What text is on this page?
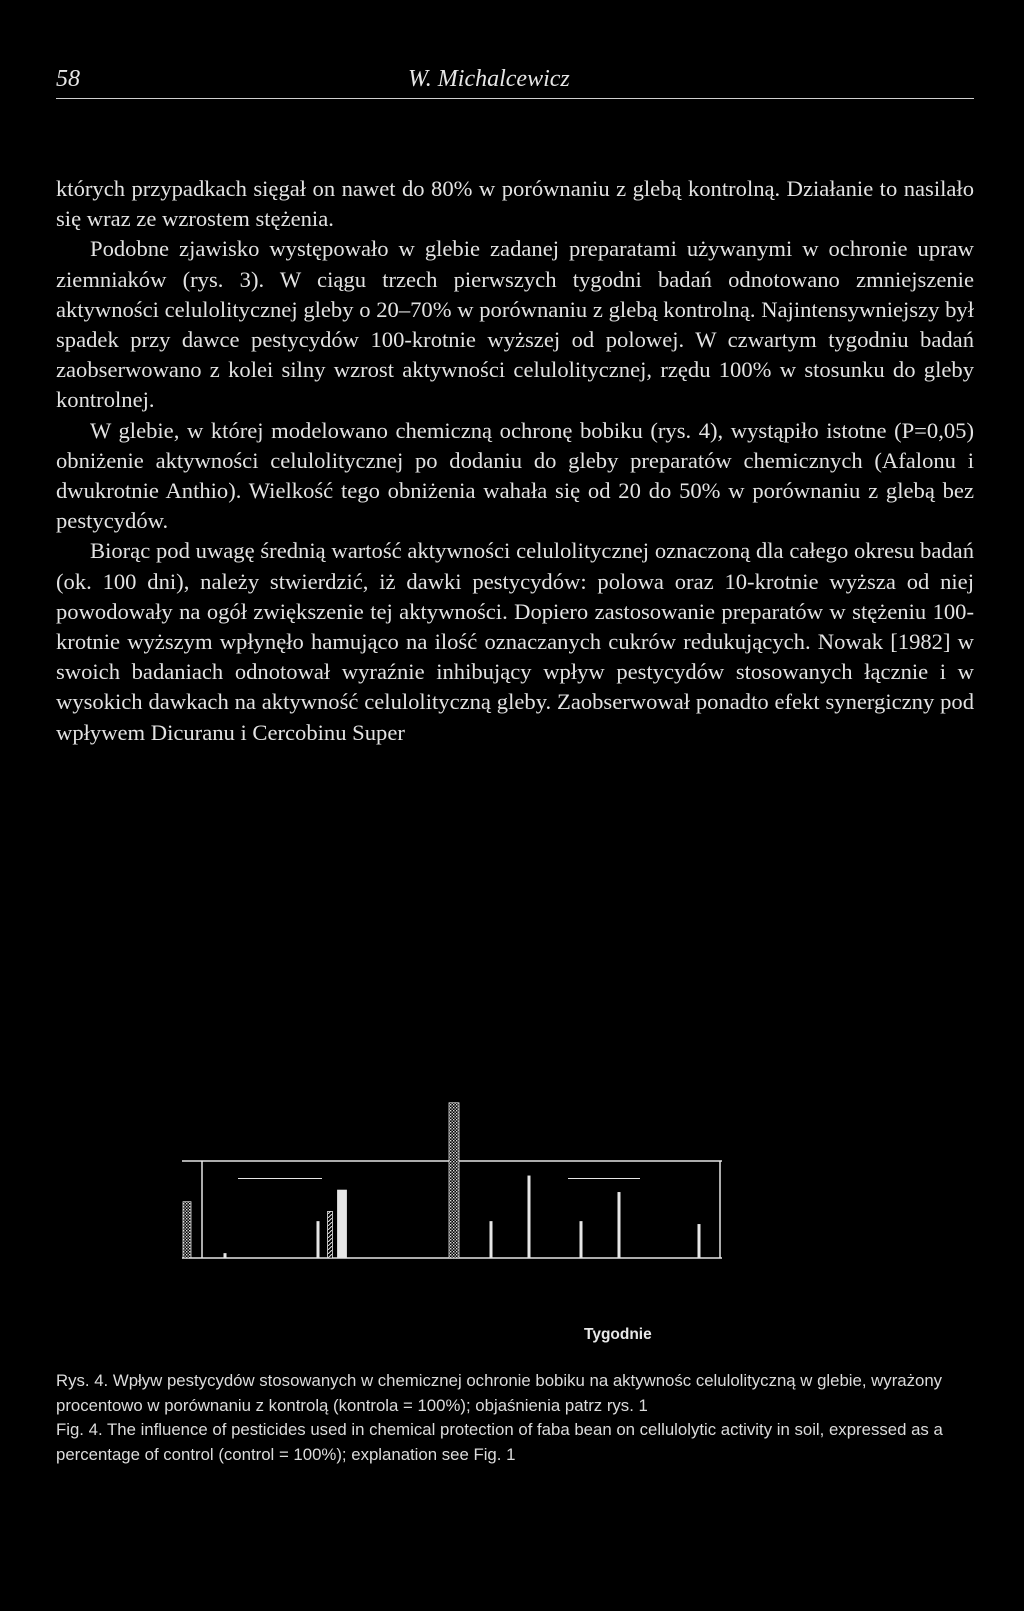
58	W. Michalcewicz

których przypadkach sięgał on nawet do 80% w porównaniu z glebą kontrolną. Działanie to nasilało się wraz ze wzrostem stężenia.

Podobne zjawisko występowało w glebie zadanej preparatami używanymi w ochronie upraw ziemniaków (rys. 3). W ciągu trzech pierwszych tygodni badań odnotowano zmniejszenie aktywności celulolitycznej gleby o 20–70% w porównaniu z glebą kontrolną. Najintensywniejszy był spadek przy dawce pestycydów 100-krotnie wyższej od polowej. W czwartym tygodniu badań zaobserwowano z kolei silny wzrost aktywności celulolitycznej, rzędu 100% w stosunku do gleby kontrolnej.

W glebie, w której modelowano chemiczną ochronę bobiku (rys. 4), wystąpiło istotne (P=0,05) obniżenie aktywności celulolitycznej po dodaniu do gleby preparatów chemicznych (Afalonu i dwukrotnie Anthio). Wielkość tego obniżenia wahała się od 20 do 50% w porównaniu z glebą bez pestycydów.

Biorąc pod uwagę średnią wartość aktywności celulolitycznej oznaczoną dla całego okresu badań (ok. 100 dni), należy stwierdzić, iż dawki pestycydów: polowa oraz 10-krotnie wyższa od niej powodowały na ogół zwiększenie tej aktywności. Dopiero zastosowanie preparatów w stężeniu 100-krotnie wyższym wpłynęło hamująco na ilość oznaczanych cukrów redukujących. Nowak [1982] w swoich badaniach odnotował wyraźnie inhibujący wpływ pestycydów stosowanych łącznie i w wysokich dawkach na aktywność celulolityczną gleby. Zaobserwował ponadto efekt synergiczny pod wpływem Dicuranu i Cercobinu Super

Tygodnie
Rys. 4. Wpływ pestycydów stosowanych w chemicznej ochronie bobiku na aktywnośc celulolityczną w glebie, wyrażony procentowo w porównaniu z kontrolą (kontrola = 100%); objaśnienia patrz rys. 1
Fig. 4. The influence of pesticides used in chemical protection of faba bean on cellulolytic activity in soil, expressed as a percentage of control (control = 100%); explanation see Fig. 1
